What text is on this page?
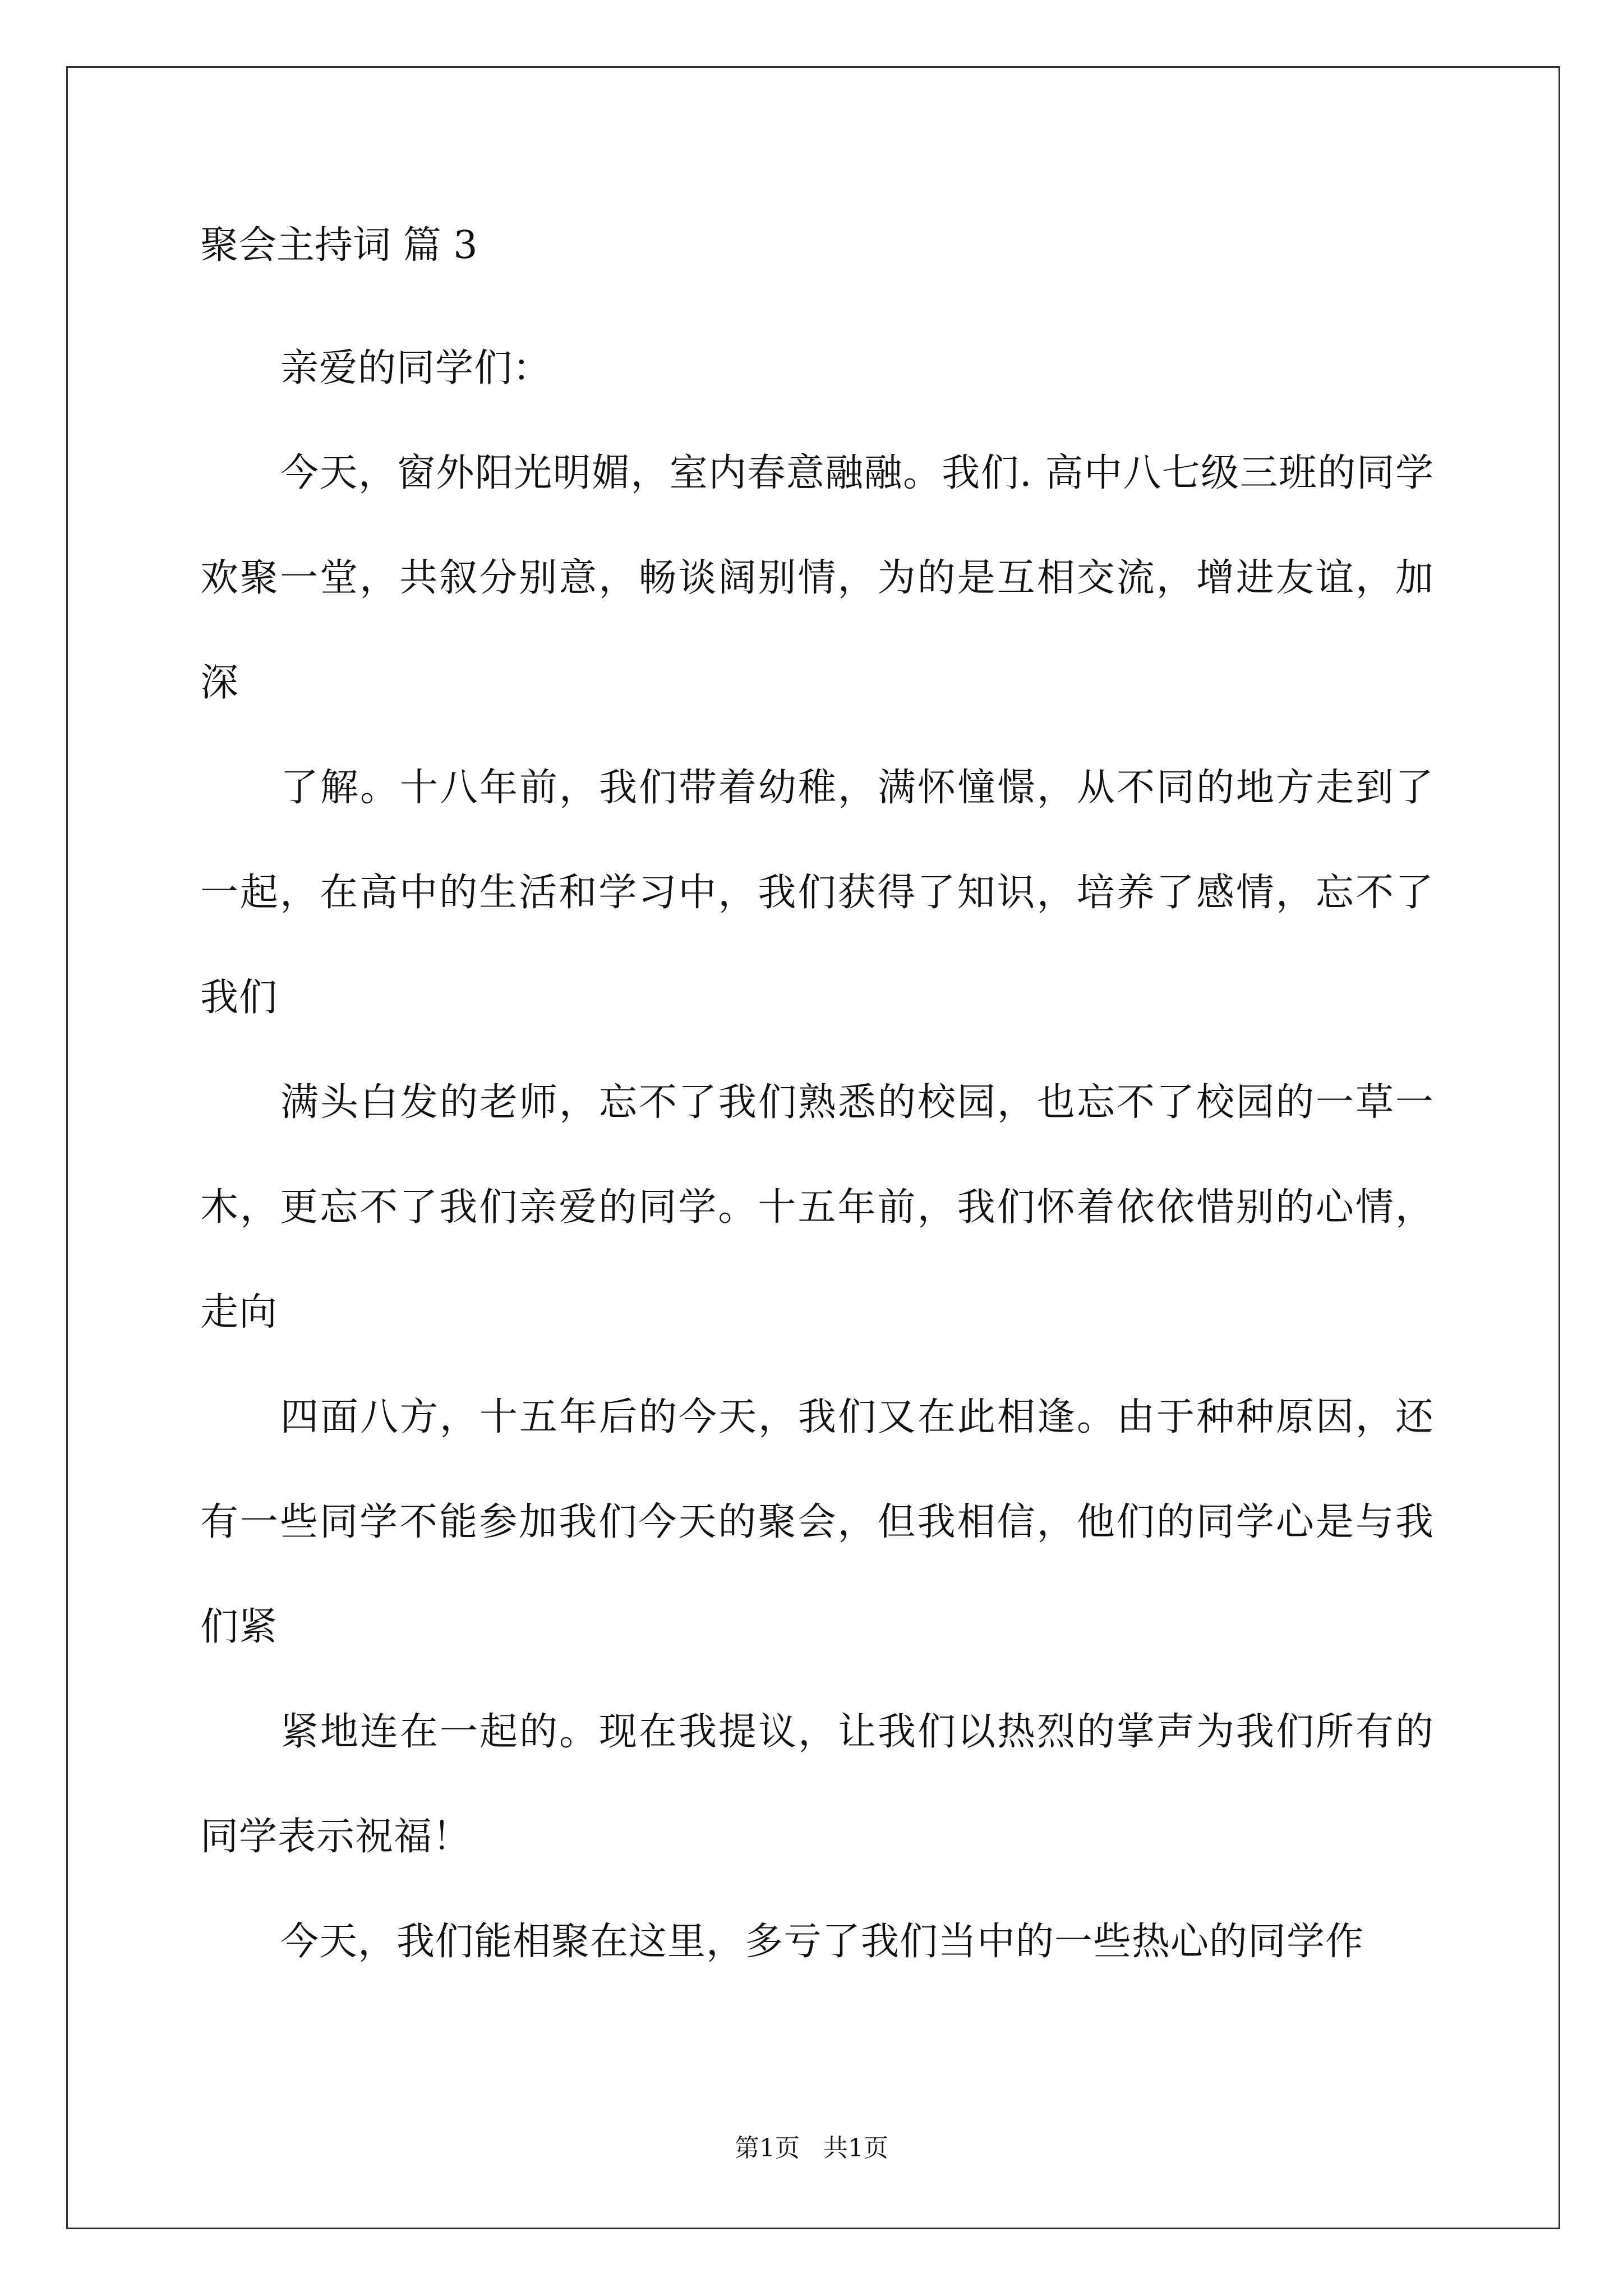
聚会主持词 篇 3

亲爱的同学们：

今天，窗外阳光明媚，室内春意融融。我们. 高中八七级三班的同学欢聚一堂，共叙分别意，畅谈阔别情，为的是互相交流，增进友谊，加深

了解。十八年前，我们带着幼稚，满怀憧憬，从不同的地方走到了一起，在高中的生活和学习中，我们获得了知识，培养了感情，忘不了我们

满头白发的老师，忘不了我们熟悉的校园，也忘不了校园的一草一木，更忘不了我们亲爱的同学。十五年前，我们怀着依依惜别的心情，走向

四面八方，十五年后的今天，我们又在此相逢。由于种种原因，还有一些同学不能参加我们今天的聚会，但我相信，他们的同学心是与我们紧

紧地连在一起的。现在我提议，让我们以热烈的掌声为我们所有的同学表示祝福！

今天，我们能相聚在这里，多亏了我们当中的一些热心的同学作

第1页   共1页
